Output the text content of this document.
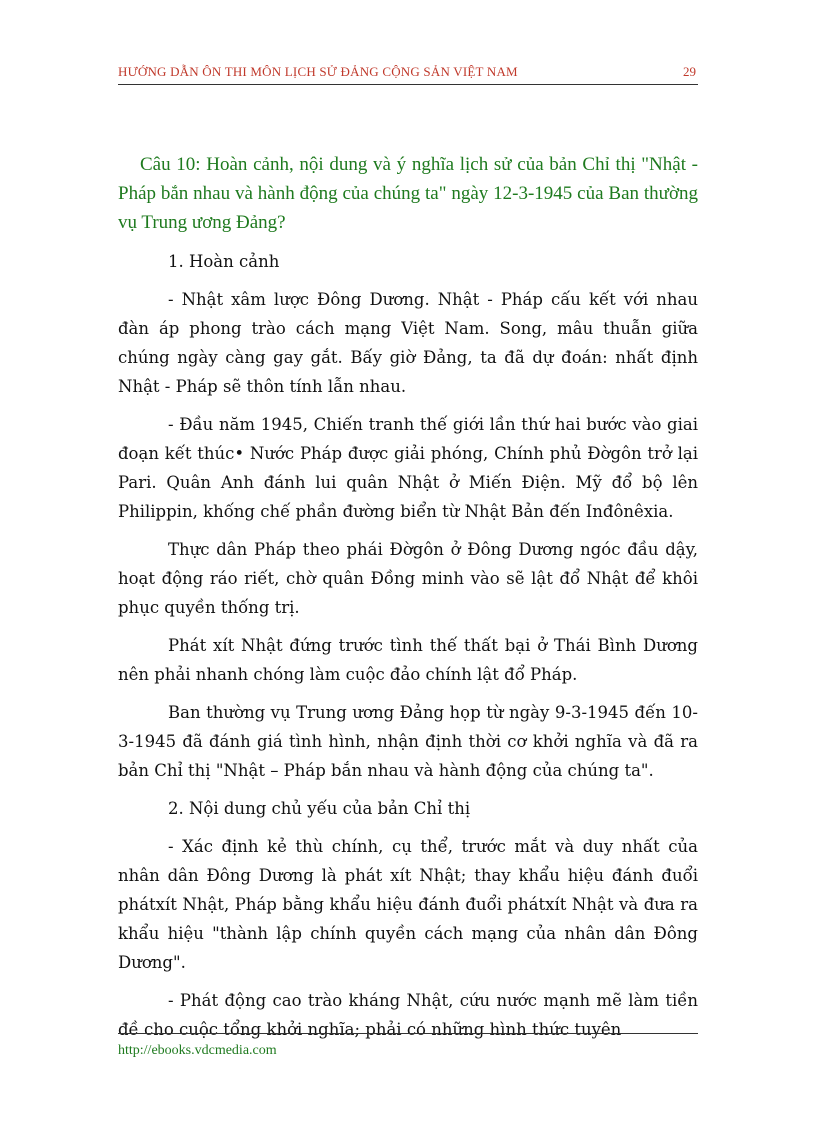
HƯỚNG DẪN ÔN THI MÔN LỊCH SỬ ĐẢNG CỘNG SẢN VIỆT NAM	29

Câu 10: Hoàn cảnh, nội dung và ý nghĩa lịch sử của bản Chỉ thị "Nhật - Pháp bắn nhau và hành động của chúng ta" ngày 12-3-1945 của Ban thường vụ Trung ương Đảng?

1. Hoàn cảnh

- Nhật xâm lược Đông Dương. Nhật - Pháp cấu kết với nhau đàn áp phong trào cách mạng Việt Nam. Song, mâu thuẫn giữa chúng ngày càng gay gắt. Bấy giờ Đảng, ta đã dự đoán: nhất định Nhật - Pháp sẽ thôn tính lẫn nhau.

- Đầu năm 1945, Chiến tranh thế giới lần thứ hai bước vào giai đoạn kết thúc• Nước Pháp được giải phóng, Chính phủ Đờgôn trở lại Pari. Quân Anh đánh lui quân Nhật ở Miến Điện. Mỹ đổ bộ lên Philippin, khống chế phần đường biển từ Nhật Bản đến Inđônêxia.

Thực dân Pháp theo phái Đờgôn ở Đông Dương ngóc đầu dậy, hoạt động ráo riết, chờ quân Đồng minh vào sẽ lật đổ Nhật để khôi phục quyền thống trị.

Phát xít Nhật đứng trước tình thế thất bại ở Thái Bình Dương nên phải nhanh chóng làm cuộc đảo chính lật đổ Pháp.

Ban thường vụ Trung ương Đảng họp từ ngày 9-3-1945 đến 10-3-1945 đã đánh giá tình hình, nhận định thời cơ khởi nghĩa và đã ra bản Chỉ thị "Nhật – Pháp bắn nhau và hành động của chúng ta".

2. Nội dung chủ yếu của bản Chỉ thị

- Xác định kẻ thù chính, cụ thể, trước mắt và duy nhất của nhân dân Đông Dương là phát xít Nhật; thay khẩu hiệu đánh đuổi phátxít Nhật, Pháp bằng khẩu hiệu đánh đuổi phátxít Nhật và đưa ra khẩu hiệu "thành lập chính quyền cách mạng của nhân dân Đông Dương".

- Phát động cao trào kháng Nhật, cứu nước mạnh mẽ làm tiền đề cho cuộc tổng khởi nghĩa; phải có những hình thức tuyên

http://ebooks.vdcmedia.com
